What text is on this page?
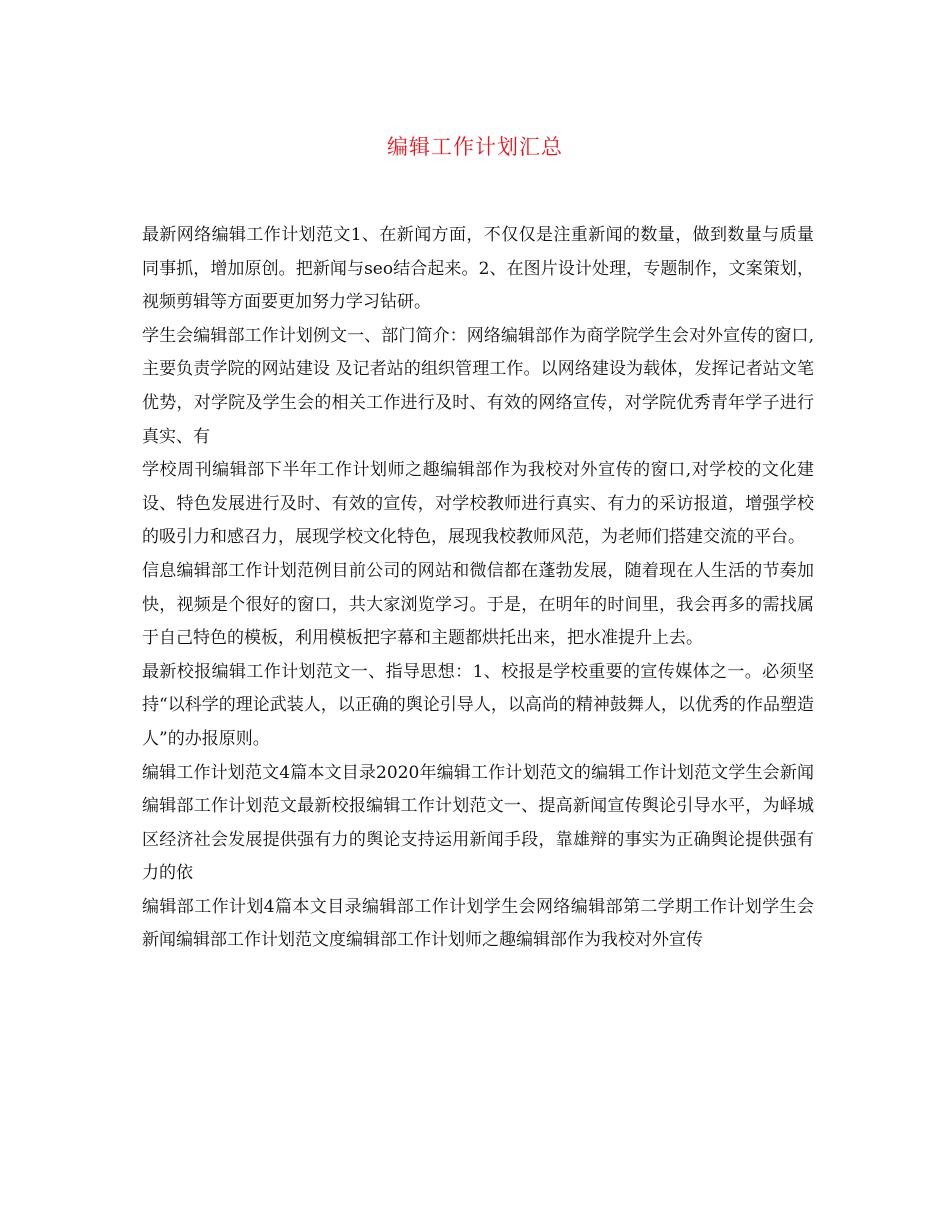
编辑工作计划汇总

最新网络编辑工作计划范文1、在新闻方面，不仅仅是注重新闻的数量，做到数量与质量同事抓，增加原创。把新闻与seo结合起来。2、在图片设计处理，专题制作，文案策划，视频剪辑等方面要更加努力学习钻研。

学生会编辑部工作计划例文一、部门简介：网络编辑部作为商学院学生会对外宣传的窗口,主要负责学院的网站建设 及记者站的组织管理工作。以网络建设为载体，发挥记者站文笔优势，对学院及学生会的相关工作进行及时、有效的网络宣传，对学院优秀青年学子进行真实、有

学校周刊编辑部下半年工作计划师之趣编辑部作为我校对外宣传的窗口,对学校的文化建设、特色发展进行及时、有效的宣传，对学校教师进行真实、有力的采访报道，增强学校的吸引力和感召力，展现学校文化特色，展现我校教师风范，为老师们搭建交流的平台。

信息编辑部工作计划范例目前公司的网站和微信都在蓬勃发展，随着现在人生活的节奏加快，视频是个很好的窗口，共大家浏览学习。于是，在明年的时间里，我会再多的需找属于自己特色的模板，利用模板把字幕和主题都烘托出来，把水准提升上去。

最新校报编辑工作计划范文一、指导思想：1、校报是学校重要的宣传媒体之一。必须坚持“以科学的理论武装人，以正确的舆论引导人，以高尚的精神鼓舞人，以优秀的作品塑造人”的办报原则。

编辑工作计划范文4篇本文目录2020年编辑工作计划范文的编辑工作计划范文学生会新闻编辑部工作计划范文最新校报编辑工作计划范文一、提高新闻宣传舆论引导水平，为峄城区经济社会发展提供强有力的舆论支持运用新闻手段，靠雄辩的事实为正确舆论提供强有力的依

编辑部工作计划4篇本文目录编辑部工作计划学生会网络编辑部第二学期工作计划学生会新闻编辑部工作计划范文度编辑部工作计划师之趣编辑部作为我校对外宣传
